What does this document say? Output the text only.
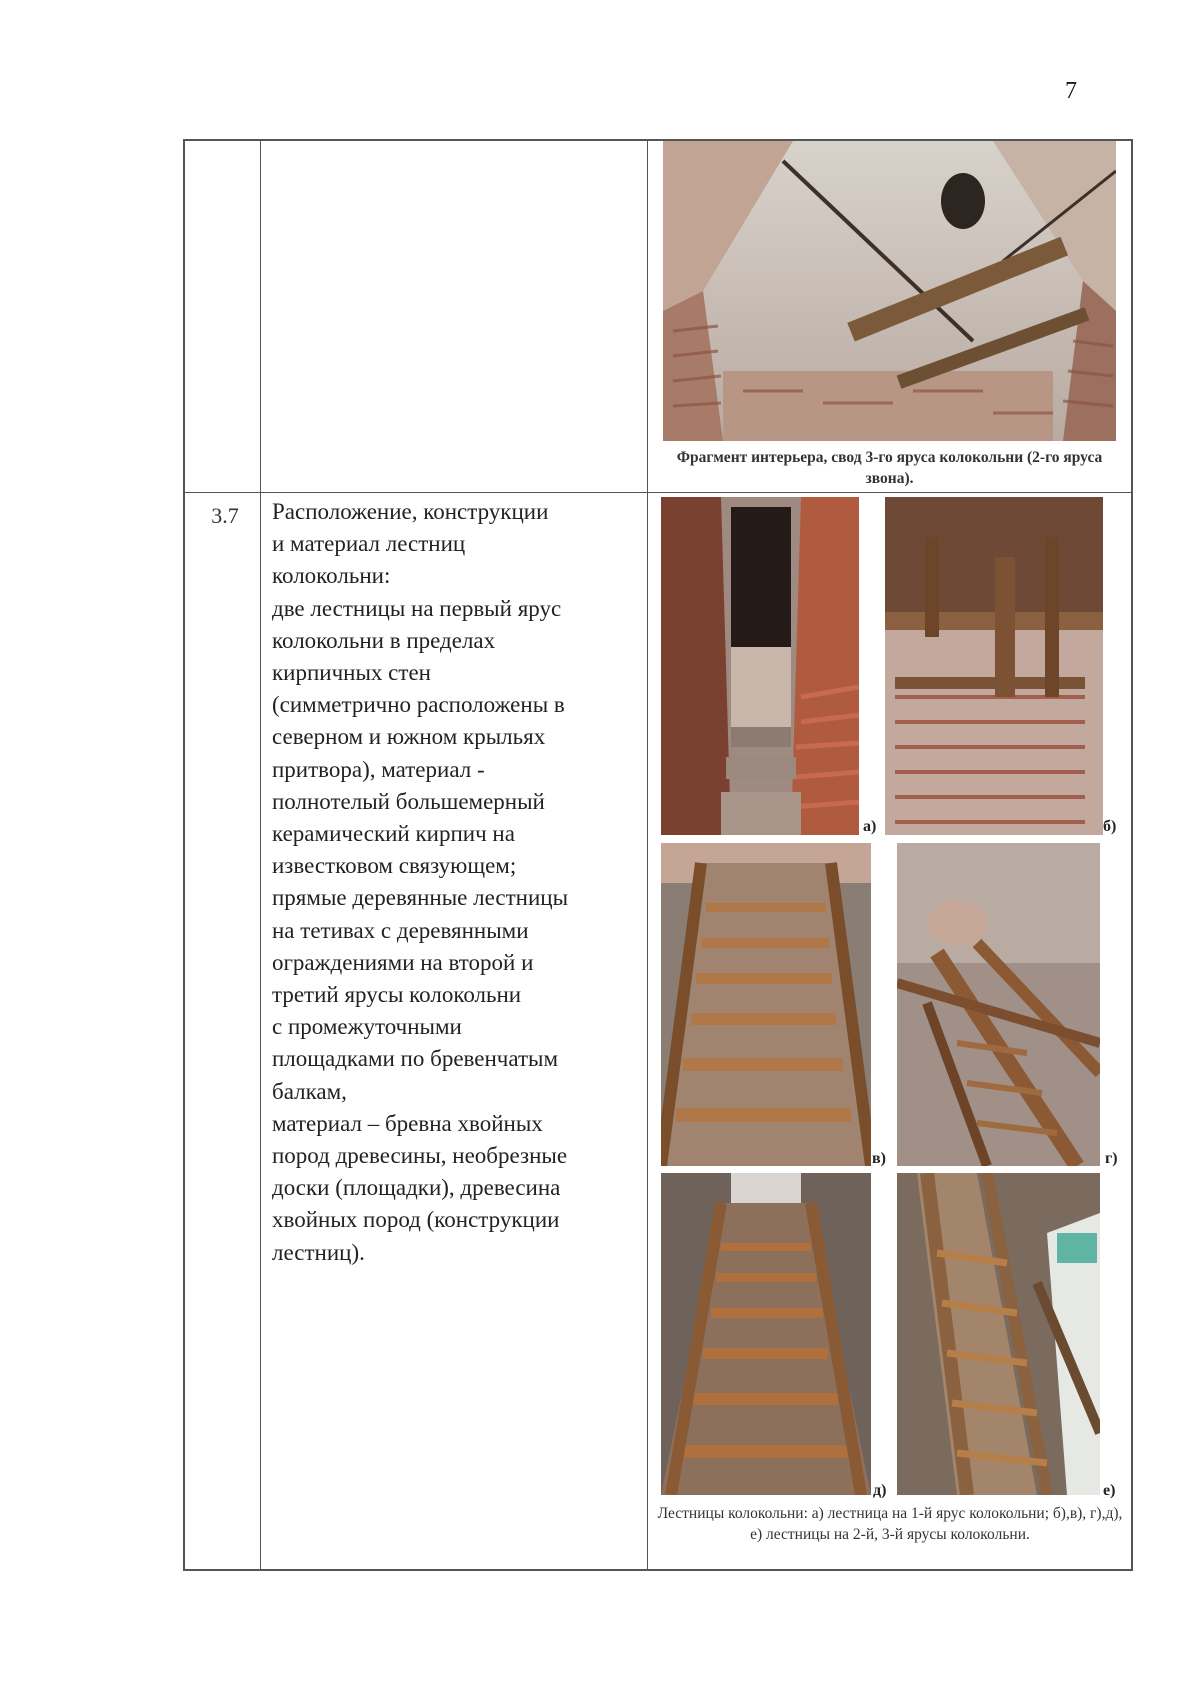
7
3.7	Расположение, конструкции
и материал лестниц
колокольни:
две лестницы на первый ярус
колокольни в пределах
кирпичных стен
(симметрично расположены в
северном и южном крыльях
притвора), материал -
полнотелый большемерный
керамический кирпич на
известковом связующем;
прямые деревянные лестницы
на тетивах с деревянными
ограждениями на второй и
третий ярусы колокольни
с промежуточными
площадками по бревенчатым
балкам,
материал – бревна хвойных
пород древесины, необрезные
доски (площадки), древесина
хвойных пород (конструкции
лестниц).
Фрагмент интерьера, свод 3-го яруса колокольни (2-го яруса звона).
а)	б)
в)	г)
д)	е)
Лестницы колокольни: а) лестница на 1-й ярус колокольни; б),в), г),д), е) лестницы на 2-й, 3-й ярусы колокольни.
